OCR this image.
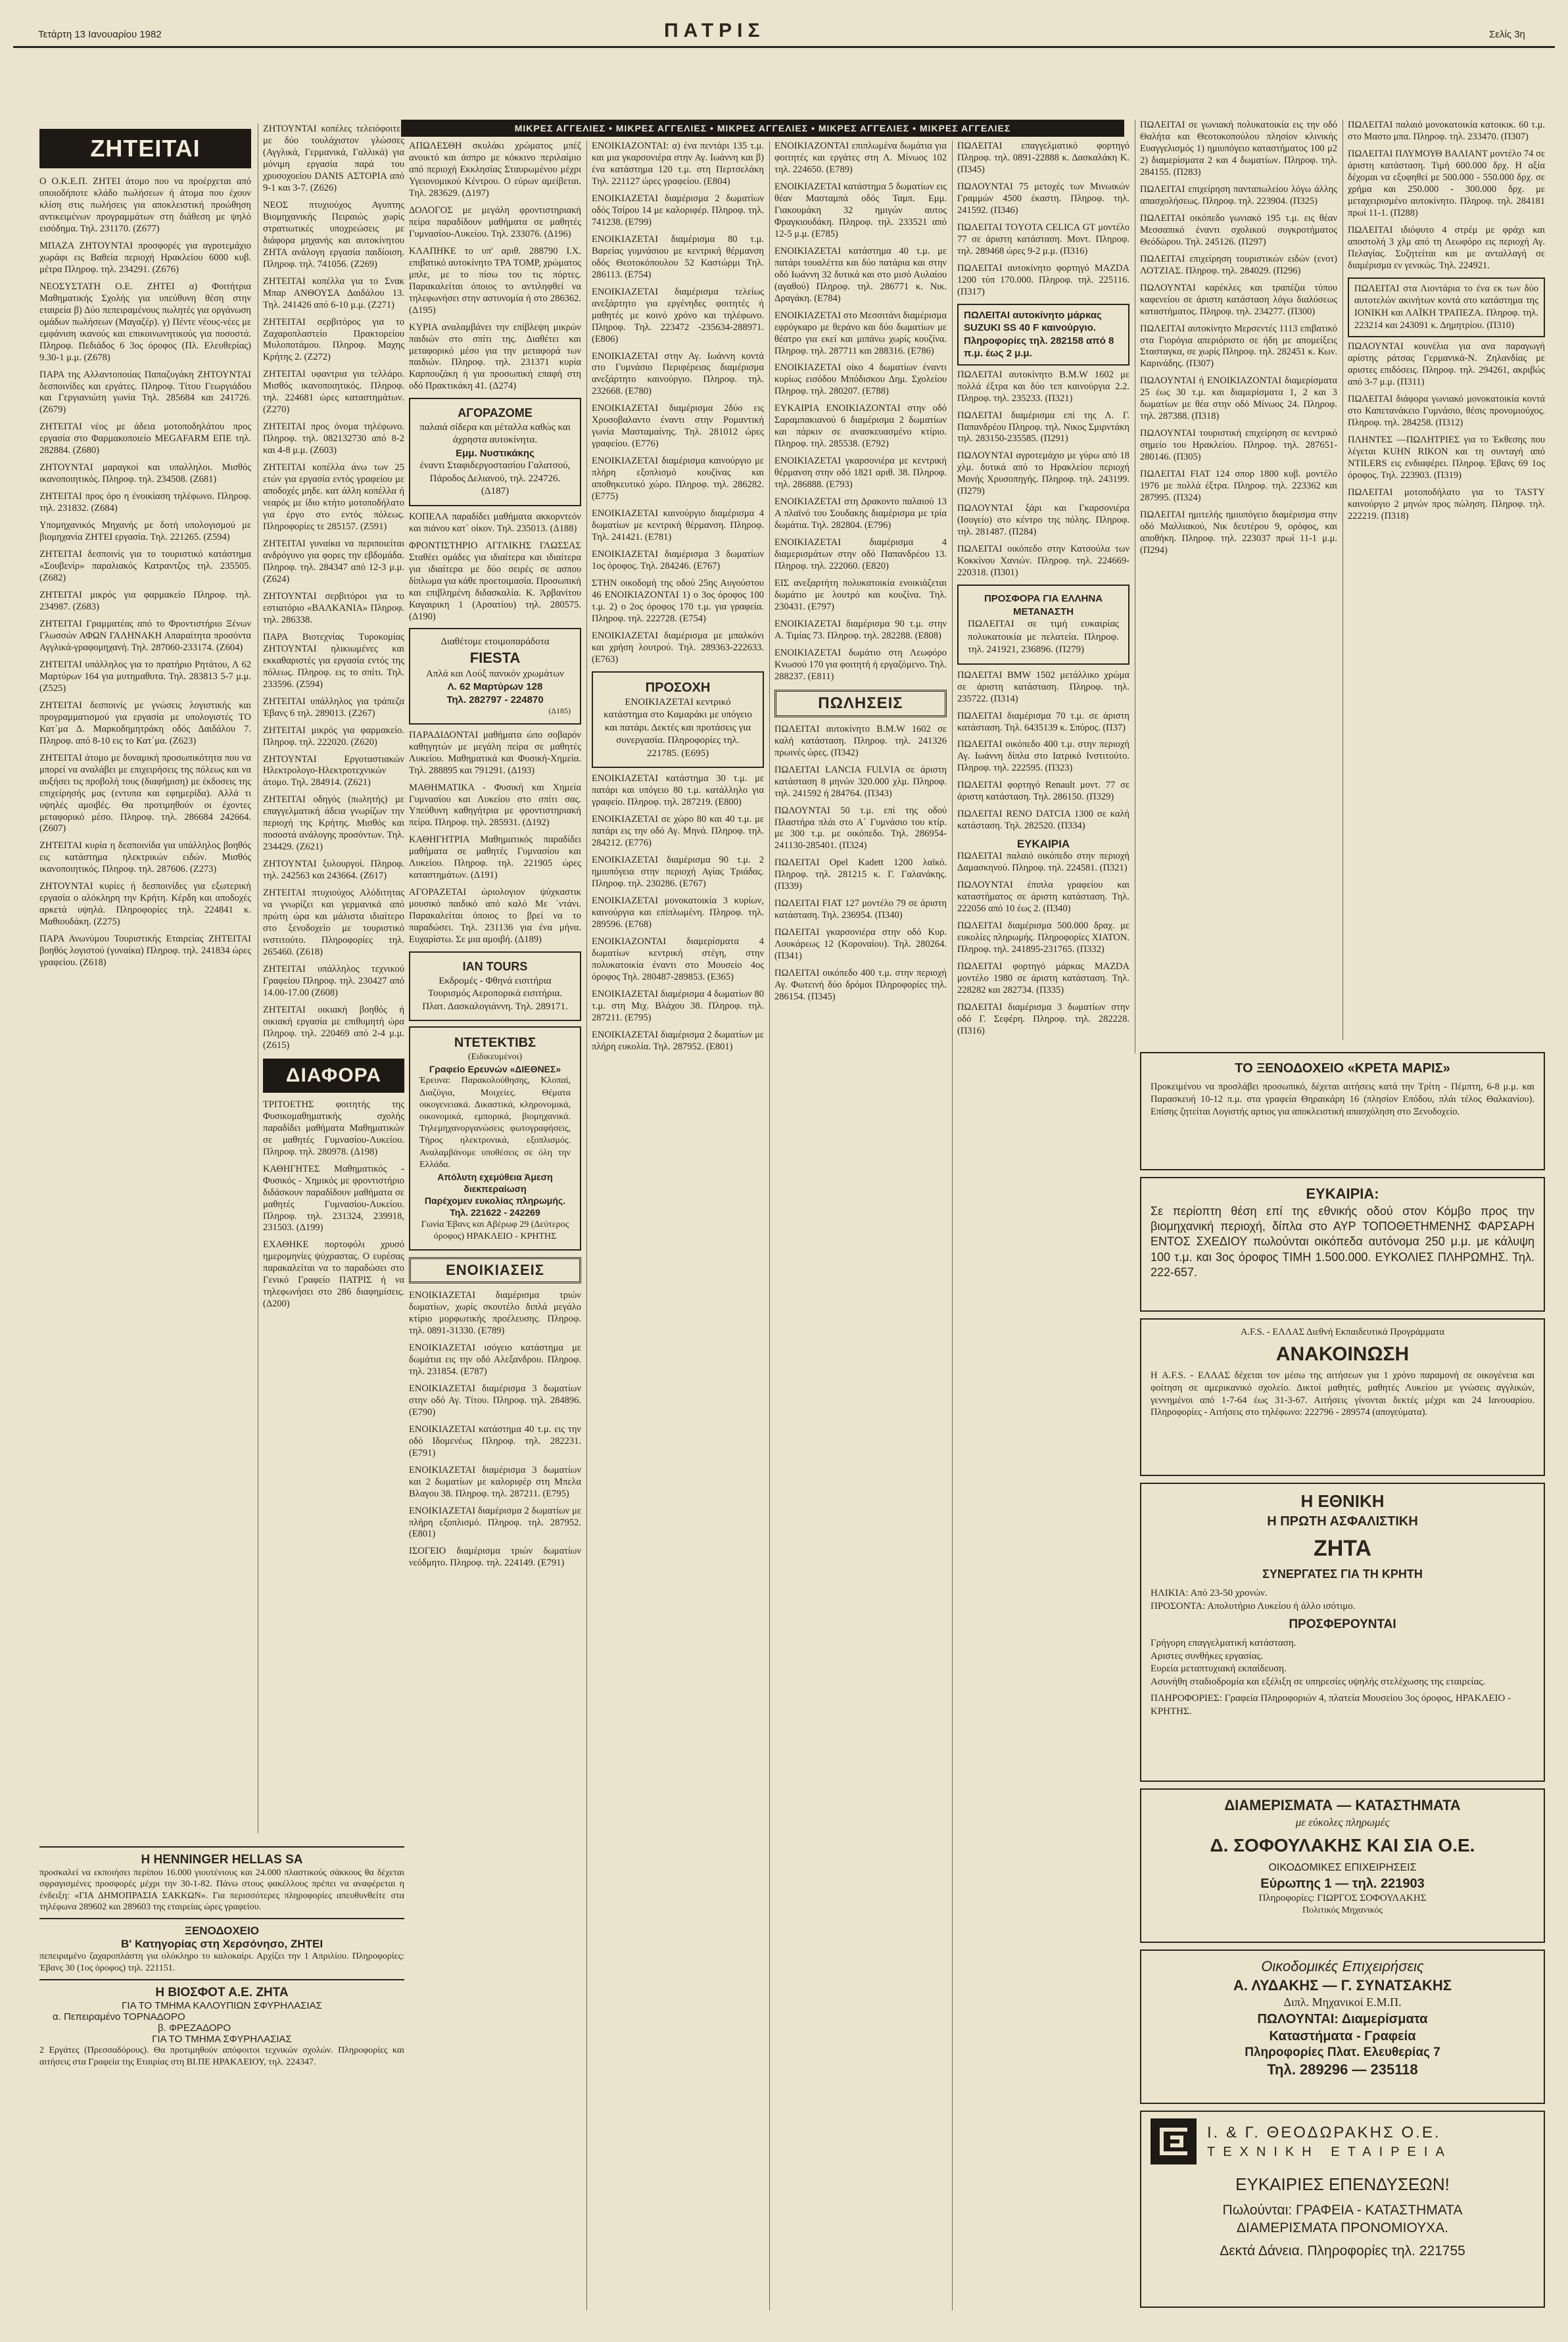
Τετάρτη 13 Ιανουαρίου 1982	ΠΑΤΡΙΣ	Σελίς 3η
ΜΙΚΡΕΣ ΑΓΓΕΛΙΕΣ • ΜΙΚΡΕΣ ΑΓΓΕΛΙΕΣ • ΜΙΚΡΕΣ ΑΓΓΕΛΙΕΣ • ΜΙΚΡΕΣ ΑΓΓΕΛΙΕΣ • ΜΙΚΡΕΣ ΑΓΓΕΛΙΕΣ
ΖΗΤΕΙΤΑΙ
Ο Ο.Κ.Ε.Π. ΖΗΤΕΙ άτομο που να προέρχεται από οποιοδήποτε κλάδο πωλήσεων ή άτομα που έχουν κλίση στις πωλήσεις για αποκλειστική προώθηση αντικειμένων προγραμμάτων στη διάθεση με ψηλό εισόδημα. Τηλ. 231170. (Ζ677)
ΜΠΑΖΑ ΖΗΤΟΥΝΤΑΙ προσφορές για αγροτεμάχιο χωράφι εις Βαθεία περιοχή Ηρακλείου 6000 κυβ. μέτρα Πληροφ. τηλ. 234291. (Ζ676)
ΝΕΟΣΥΣΤΑΤΗ Ο.Ε. ΖΗΤΕΙ α) Φοιτήτρια Μαθηματικής Σχολής για υπεύθυνη θέση στην εταιρεία β) Δύο πεπειραμένους πωλητές για οργάνωση ομάδων πωλήσεων (Μαγαζέρ). γ) Πέντε νέους-νέες με εμφάνιση ικανούς και επικοινωνητικούς για ποσοστά. Πληροφ. Πεδιάδος 6 3ος όροφος (Πλ. Ελευθερίας) 9.30-1 μ.μ. (Ζ678)
ΠΑΡΑ της Αλλαντοποιίας Παπαζυγάκη ΖΗΤΟΥΝΤΑΙ δεσποινίδες και εργάτες. Πληροφ. Τίτου Γεωργιάδου και Γεργιανιώτη γωνία Τηλ. 285684 και 241726. (Ζ679)
ΖΗΤΕΙΤΑΙ νέος με άδεια μοτοποδηλάτου προς εργασία στο Φαρμακοποιείο MEGAFARM ΕΠΕ τηλ. 282884. (Ζ680)
ΖΗΤΟΥΝΤΑΙ μαραγκοί και υπαλληλοι. Μισθός ικανοποιητικός. Πληροφ. τηλ. 234508. (Ζ681)
ΖΗΤΕΙΤΑΙ προς όρο η ένοικίαση τηλέφωνο. Πληροφ. τηλ. 231832. (Ζ684)
Υπομηχανικός Μηχανής με δοτή υπολογισμού με βιομηχανία ΖΗΤΕΙ εργασία. Τηλ. 221265. (Ζ594)
ΖΗΤΕΙΤΑΙ δεσποινίς για το τουριστικό κατάστημα «Σουβενίρ» παραλιακός Κατραντζος τηλ. 235505. (Ζ682)
ΖΗΤΕΙΤΑΙ μικρός για φαρμακείο Πληροφ. τηλ. 234987. (Ζ683)
ΖΗΤΕΙΤΑΙ Γραμματέας από το Φροντιστήριο Ξένων Γλωσσών ΑΦΩΝ ΓΑΛΗΝΑΚΗ Απαραίτητα προσόντα Αγγλικά-γραφομηχανή. Τηλ. 287060-233174. (Ζ604)
ΖΗΤΕΙΤΑΙ υπάλληλος για το πρατήριο Ρητάτου, Λ 62 Μαρτύρων 164 για μυτημαθυτα. Τηλ. 283813 5-7 μ.μ. (Ζ525)
ΖΗΤΕΙΤΑΙ δεσποινίς με γνώσεις λογιστικής και προγραμματισμού για εργασία με υπολογιστές ΤΟ Κατ΄μα Δ. Μαρκοδημητράκη οδός Δαιδάλου 7. Πληροφ. από 8-10 εις το Κατ΄μα. (Ζ623)
ΖΗΤΕΙΤΑΙ άτομο με δυναμική προσωπικότητα που να μπορεί να αναλάβει με επιχειρήσεις της πόλεως και να αυξήσει τις προβολή τους (διαφήμιση) με έκδοσεις της επιχείρησής μας (εντυπα και εφημερίδα). Αλλά τι υψηλές αμοιβές. Θα προτιμηθούν οι έχοντες μεταφορικό μέσο. Πληροφ. τηλ. 286684 242664. (Ζ607)
ΖΗΤΕΙΤΑΙ κυρία η δεσποινίδα για υπάλληλος βοηθός εις κατάστημα ηλεκτρικών ειδών. Μισθός ικανοποιητικός. Πληροφ. τηλ. 287606. (Ζ273)
ΖΗΤΟΥΝΤΑΙ κυρίες ή δεσποινίδες για εξωτερική εργασία ο αλόκληρη την Κρήτη. Κέρδη και αποδοχές αρκετά υψηλά. Πληροφορίες τηλ. 224841 κ. Μαθιουδάκη. (Ζ275)
ΠΑΡΑ Ανωνύμου Τουριστικής Εταιρείας ΖΗΤΕΙΤΑΙ βοηθός λογιστού (γυναίκα) Πληροφ. τηλ. 241834 ώρες γραφείου. (Ζ618)
ΖΗΤΟΥΝΤΑΙ κοπέλες τελειόφοιτες με δύο τουλάχιστον γλώσσες (Αγγλικά, Γερμανικά, Γαλλικά) για μόνιμη εργασία παρά του χρυσοχοείου DANIS ΑΣΤΟΡΙΑ από 9-1 και 3-7. (Ζ626)
ΝΕΟΣ πτυχιούχος Αγυπτης Βιομηχανικής Πειραιώς χωρίς στρατιωτικές υποχρεώσεις με διάφορα μηχανής και αυτοκίνητου ΖΗΤΑ ανάλογη εργασία παιδίοιση. Πληροφ. τηλ. 741056. (Ζ269)
ΖΗΤΕΙΤΑΙ κοπέλλα για το Σνακ Μπαρ ΑΝΘΟΥΣΑ Δαιδάλου 13. Τηλ. 241426 από 6-10 μ.μ. (Ζ271)
ΖΗΤΕΙΤΑΙ σερβιτόρος για το Ζαχαροπλαστείο Πρακτορείου Μυλοποτάμου. Πληροφ. Μαχης Κρήτης 2. (Ζ272)
ΖΗΤΕΙΤΑΙ υφαντρια για τελλάρο. Μισθός ικανοποιητικός. Πληροφ. τηλ. 224681 ώρες καταστημάτων. (Ζ270)
ΖΗΤΕΙΤΑΙ προς όνομα τηλέφωνο. Πληροφ. τηλ. 082132730 από 8-2 και 4-8 μ.μ. (Ζ603)
ΖΗΤΕΙΤΑΙ κοπέλλα άνω των 25 ετών για εργασία εντός γραφείου με αποδοχές μηδε. κατ άλλη κοπέλλα ή νεαρός με ίδιο κτήτο μοτοποδήλατο για έργο στο εντός πόλεως. Πληροφορίες τε 285157. (Ζ591)
ΖΗΤΕΙΤΑΙ γυναίκα να περιποιείται ανδρόγυνο για φορες την εβδομάδα. Πληροφ. τηλ. 284347 από 12-3 μ.μ. (Ζ624)
ΖΗΤΟΥΝΤΑΙ σερβιτόροι για το εστιατόριο «ΒΑΛΚΑΝΙΑ» Πληροφ. τηλ. 286338.
ΠΑΡΑ Βιοτεχνίας Τυροκομίας ΖΗΤΟΥΝΤΑΙ ηλικιωμένες και εκκαθαριστές για εργασία εντός της πόλεως. Πληροφ. εις το σπίτι. Τηλ. 233596. (Ζ594)
ΖΗΤΕΙΤΑΙ υπάλληλος για τράπεζα Έβανς 6 τηλ. 289013. (Ζ267)
ΖΗΤΕΙΤΑΙ μικρός για φαρμακείο. Πληροφ. τηλ. 222020. (Ζ620)
ΖΗΤΟΥΝΤΑΙ Εργοταστιακών Ηλεκτρολογο-Ηλεκτροτεχνικών άτομο. Τηλ. 284914. (Ζ621)
ΖΗΤΕΙΤΑΙ οδηγός (πωλητής) με επαγγελματική άδεια γνωρίζων την περιοχή της Κρήτης. Μισθός και ποσοστά ανάλογης προσόντων. Τηλ. 234429. (Ζ621)
ΖΗΤΟΥΝΤΑΙ ξυλουργοί. Πληροφ. τηλ. 242563 και 243664. (Ζ617)
ΖΗΤΕΙΤΑΙ πτυχιούχος Αλόδιτητας να γνωρίζει και γερμανικά από πρώτη ώρα και μάλιστα ιδιαίτερο στο ξενοδοχείο με τουριστικό ινστιτούτο. Πληροφορίες τηλ. 265460. (Ζ618)
ΖΗΤΕΙΤΑΙ υπάλληλος τεχνικού Γραφείου Πληροφ. τηλ. 230427 από 14.00-17.00 (Ζ608)
ΖΗΤΕΙΤΑΙ οικιακή βοηθός ή οικιακή εργασία με επιθυμητή ώρα Πληροφ. τηλ. 220469 από 2-4 μ.μ. (Ζ615)
ΔΙΑΦΟΡΑ
ΤΡΙΤΟΕΤΗΣ φοιτητής της Φυσικομαθηματικής σχολής παραδίδει μαθήματα Μαθηματικών σε μαθητές Γυμνασίου-Λυκείου. Πληροφ. τηλ. 280978. (Δ198)
ΚΑΘΗΓΗΤΕΣ Μαθηματικός - Φυσικός - Χημικός με φροντιστήριο διδάσκουν παραδίδουν μαθήματα σε μαθητές Γυμνασίου-Λυκείου. Πληροφ. τηλ. 231324, 239918, 231503. (Δ199)
ΕΧΑΘΗΚΕ πορτοφόλι χρυσό ημερομηνίες ψύχραστας. Ο ευρέσας παρακαλείται να το παραδώσει στο Γενικό Γραφείο ΠΑΤΡΙΣ ή να τηλεφωνήσει στο 286 διαφημίσεις. (Δ200)
Η HENNINGER HELLAS SA
προσκαλεί να εκποιήσει περίπου 16.000 γιουτένιους και 24.000 πλαστικούς σάκκους θα δέχεται σφραγισμένες προσφορές μέχρι την 30-1-82. Πάνω στους φακέλλους πρέπει να αναφέρεται η ένδειξη: «ΓΙΑ ΔΗΜΟΠΡΑΣΙΑ ΣΑΚΚΩΝ». Για περισσότερες πληροφορίες απευθυνθείτε στα τηλέφωνα 289602 και 289603 της εταιρείας ώρες γραφείου.
ΞΕΝΟΔΟΧΕΙΟ
Β' Κατηγορίας στη Χερσόνησο, ΖΗΤΕΙ
πεπειραμένο ζαχαροπλάστη για ολόκληρο το καλοκαίρι. Αρχίζει την 1 Απριλίου. Πληροφορίες: Έβανς 30 (1ος όροφος) τηλ. 221151.
Η ΒΙΟΣΦΟΤ Α.Ε. ΖΗΤΑ
ΓΙΑ ΤΟ ΤΜΗΜΑ ΚΑΛΟΥΠΙΩΝ ΣΦΥΡΗΛΑΣΙΑΣ
α. Πεπειραμένο ΤΟΡΝΑΔΟΡΟ
β. ΦΡΕΖΑΔΟΡΟ
ΓΙΑ ΤΟ ΤΜΗΜΑ ΣΦΥΡΗΛΑΣΙΑΣ
2 Εργάτες (Πρεσσαδόρους). Θα προτιμηθούν απόφοιτοι τεχνικών σχολών. Πληροφορίες και αιτήσεις στα Γραφεία της Εταιρίας στη ΒΙ.ΠΕ ΗΡΑΚΛΕΙΟΥ, τηλ. 224347.
ΑΠΩΛΕΣΘΗ σκυλάκι χρώματος μπέζ ανοικτό και άσπρο με κόκκινο περιλαίμιο από περιοχή Εκκλησίας Σταυρωμένου μέχρι Υγειονομικού Κέντρου. Ο εύρων αμείβεται. Τηλ. 283629. (Δ197)
ΔΟΛΟΓΟΣ με μεγάλη φροντιστηριακή πείρα παραδίδουν μαθήματα σε μαθητές Γυμνασίου-Λυκείου. Τηλ. 233076. (Δ196)
ΚΛΑΠΗΚΕ το υπ' αριθ. 288790 Ι.Χ. επιβατικό αυτοκίνητο ΤΡΑ ΤΟΜΡ, χρώματος μπλε, με το πίσω του τις πόρτες. Παρακαλείται όποιος το αντιληφθεί να τηλεφωνήσει στην αστυνομία ή στο 286362. (Δ195)
ΚΥΡΙΑ αναλαμβάνει την επίβλεψη μικρών παιδιών στο σπίτι της. Διαθέτει και μεταφορικό μέσο για την μεταφορά των παιδιών. Πληροφ. τηλ. 231371 κυρία Καρπουζάκη ή για προσωπική επαφή στη οδό Πρακτικάκη 41. (Δ274)
ΑΓΟΡΑΖΟΜΕ
παλαιά σίδερα και μέταλλα καθώς και άχρηστα αυτοκίνητα.
Εμμ. Νυστικάκης
έναντι Σταφιδεργοστασίου Γαλατσού, Πάροδος Δελιανού, τηλ. 224726. (Δ187)
ΚΟΠΕΛΑ παραδίδει μαθήματα ακκορντεόν και πιάνου κατ΄ οίκον. Τηλ. 235013. (Δ188)
ΦΡΟΝΤΙΣΤΗΡΙΟ ΑΓΓΛΙΚΗΣ ΓΛΩΣΣΑΣ Σταθέει ομάδες για ιδιαίτερα και ιδιαίτερα για ιδιαίτερα με δύο σειρές σε ασπου δίπλωμα για κάθε προετοιμασία. Προσωπική και επιβλημένη διδασκαλία. Κ. Άρβανίτου Καγαιρικη 1 (Αρσατίου) τηλ. 280575. (Δ190)
Διαθέτομε ετοιμοπαράδοτα
FIESTA
Απλά και Λούξ πανικόν χρωμάτων
Λ. 62 Μαρτύρων 128
Τηλ. 282797 - 224870
(Δ185)
ΠΑΡΑΔΙΔΟΝΤΑΙ μαθήματα ώπο σοβαρόν καθηγητών με μεγάλη πείρα σε μαθητές Λυκείου. Μαθηματικά και Φυσική-Χημεία. Τηλ. 288895 και 791291. (Δ193)
ΜΑΘΗΜΑΤΙΚΑ - Φυσική και Χημεία Γυμνασίου και Λυκείου στο σπίτι σας. Υπεύθυνη καθηγήτρια με φροντιστηριακή πείρα. Πληροφ. τηλ. 285931. (Δ192)
ΚΑΘΗΓΗΤΡΙΑ Μαθηματικός παραδίδει μαθήματα σε μαθητές Γυμνασίου και Λυκείου. Πληροφ. τηλ. 221905 ώρες καταστημάτων. (Δ191)
ΑΓΟΡΑΖΕΤΑΙ ώριολογιον ψύχκαστικ μουσικό παιδικό από καλό Με ΄ντάνι. Παρακαλείται όποιος το βρεί να το παραδώσει. Τηλ. 231136 για ένα μήνα. Ευχαρίστω. Σε μια αμοιβή. (Δ189)
ΙΑΝ TOURS
Εκδρομές - Φθηνά εισιτήρια Τουρισμός Αεροπορικά εισιτήρια. Πλατ. Δασκαλογιάννη. Τηλ. 289171.
ΝΤΕΤΕΚΤΙΒΣ
(Ειδικευμένοι)
Γραφείο Ερευνών «ΔΙΕΘΝΕΣ»
Έρευνα: Παρακολούθησης, Κλοπαί, Διαζύγια, Μοιχείες. Θέματα οικογενειακά. Δικαστικά, κληρονομικά, οικονομικά, εμπορικά, βιομηχανικά. Τηλεμηχανοργανώσεις φωτογραφήσεις, Τήρος ηλεκτρονικά, εξοπλισμός. Αναλαμβάνομε υποθέσεις σε όλη την Ελλάδα.
Απόλυτη εχεμύθεια Άμεση διεκπεραίωση
Παρέχομεν ευκολίας πληρωμής.
Τηλ. 221622 - 242269
Γωνία Έβανς και Αβέρωφ 29 (Δεύτερος όροφος) ΗΡΑΚΛΕΙΟ - ΚΡΗΤΗΣ
ΕΝΟΙΚΙΑΣΕΙΣ
ΕΝΟΙΚΙΑΖΕΤΑΙ διαμέρισμα τριών δωματίων, χωρίς σκουτέλο διπλά μεγάλο κτίριο μορφωτικής προέλευσης. Πληροφ. τηλ. 0891-31330. (Ε789)
ΕΝΟΙΚΙΑΖΕΤΑΙ ισόγειο κατάστημα με δωμάτια εις την οδό Αλεξανδρου. Πληροφ. τηλ. 231854. (Ε787)
ΕΝΟΙΚΙΑΖΕΤΑΙ διαμέρισμα 3 δωματίων στην οδό Αγ. Τίτου. Πληροφ. τηλ. 284896. (Ε790)
ΕΝΟΙΚΙΑΖΕΤΑΙ κατάστημα 40 τ.μ. εις την οδό Ιδομενέως Πληροφ. τηλ. 282231. (Ε791)
ΕΝΟΙΚΙΑΖΕΤΑΙ διαμέρισμα 3 δωματίων και 2 δωματίων με καλοριφέρ στη Μπελα Βλαγου 38. Πληροφ. τηλ. 287211. (Ε795)
ΕΝΟΙΚΙΑΖΕΤΑΙ διαμέρισμα 2 δωματίων με πλήρη εξοπλισμό. Πληροφ. τηλ. 287952. (Ε801)
ΙΣΟΓΕΙΟ διαμέρισμα τριών δωματίων νεόδμητο. Πληροφ. τηλ. 224149. (Ε791)
ΕΝΟΙΚΙΑΖΟΝΤΑΙ: α) ένα πεντάρι 135 τ.μ. και μια γκαρσονιέρα στην Αγ. Ιωάννη και β) ένα κατάστημα 120 τ.μ. στη Περτσελάκη Τηλ. 221127 ώρες γραφείου. (Ε804)
ΕΝΟΙΚΙΑΖΕΤΑΙ διαμέρισμα 2 δωματίων οδός Τσίρου 14 με καλοριφέρ. Πληροφ. τηλ. 741238. (Ε799)
ΕΝΟΙΚΙΑΖΕΤΑΙ διαμέρισμα 80 τ.μ. Βαρείας γυμνάσιου με κεντρική θέρμανση οδός Θεοτοκόπουλου 52 Καστώρμι Τηλ. 286113. (Ε754)
ΕΝΟΙΚΙΑΖΕΤΑΙ διαμέρισμα τελείως ανεξάρτητο για εργένηδες φοιτητές ή μαθητές με κοινό χρόνο και τηλέφωνο. Πληροφ. Τηλ. 223472 -235634-288971. (Ε806)
ΕΝΟΙΚΙΑΖΕΤΑΙ στην Αγ. Ιωάννη κοντά στο Γυμνάσιο Περιφέρειας διαμέρισμα ανεξάρτητο καινούργιο. Πληροφ. τηλ. 232668. (Ε780)
ΕΝΟΙΚΙΑΖΕΤΑΙ διαμέρισμα 2δύο εις Χρυσοβαλαντο έναντι στην Ρομαντική γωνία Μασταμαίνης. Τηλ. 281012 ώρες γραφείου. (Ε776)
ΕΝΟΙΚΙΑΖΕΤΑΙ διαμέρισμα καινούργιο με πλήρη εξοπλισμό κουζίνας και αποθηκευτικό χώρο. Πληροφ. τηλ. 286282. (Ε775)
ΕΝΟΙΚΙΑΖΕΤΑΙ καινούργιο διαμέρισμα 4 δωματίων με κεντρική θέρμανση. Πληροφ. Τηλ. 241421. (Ε781)
ΕΝΟΙΚΙΑΖΕΤΑΙ διαμέρισμα 3 δωματίων 1ος όροφος. Τηλ. 284246. (Ε767)
ΣΤΗΝ οικοδομή της οδού 25ης Αυγούστου 46 ΕΝΟΙΚΙΑΖΟΝΤΑΙ 1) ο 3ος όροφος 100 τ.μ. 2) ο 2ος όροφος 170 τ.μ. για γραφεία. Πληροφ. τηλ. 222728. (Ε754)
ΕΝΟΙΚΙΑΖΕΤΑΙ διαμέρισμα με μπαλκόνι και χρήση λουτρού. Τηλ. 289363-222633. (Ε763)
ΠΡΟΣΟΧΗ
ΕΝΟΙΚΙΑΖΕΤΑΙ κεντρικό κατάστημα στο Καμαράκι με υπόγειο και πατάρι. Δεκτές και προτάσεις για συνεργασία. Πληροφορίες τηλ. 221785. (Ε695)
ΕΝΟΙΚΙΑΖΕΤΑΙ κατάστημα 30 τ.μ. με πατάρι και υπόγειο 80 τ.μ. κατάλληλο για γραφείο. Πληροφ. τηλ. 287219. (Ε800)
ΕΝΟΙΚΙΑΖΕΤΑΙ σε χώρο 80 και 40 τ.μ. με πατάρι εις την οδό Αγ. Μηνά. Πληροφ. τηλ. 284212. (Ε776)
ΕΝΟΙΚΙΑΖΕΤΑΙ διαμέρισμα 90 τ.μ. 2 ημιυπόγεια στην περιοχή Αγίας Τριάδας. Πληροφ. τηλ. 230286. (Ε767)
ΕΝΟΙΚΙΑΖΕΤΑΙ μονοκατοικία 3 κυρίων, καινούργια και επίπλωμένη. Πληροφ. τηλ. 289596. (Ε768)
ΕΝΟΙΚΙΑΖΟΝΤΑΙ διαμερίσματα 4 δωματίων κεντρική στέγη, στην πολυκατοικία έναντι στο Μουσείο 4ος όροφος Τηλ. 280487-289853. (Ε365)
ΕΝΟΙΚΙΑΖΕΤΑΙ διαμέρισμα 4 δωματίων 80 τ.μ. στη Μιχ. Βλάχου 38. Πληροφ. τηλ. 287211. (Ε795)
ΕΝΟΙΚΙΑΖΕΤΑΙ διαμέρισμα 2 δωματίων με πλήρη ευκολία. Τηλ. 287952. (Ε801)
ΕΝΟΙΚΙΑΖΟΝΤΑΙ επιπλωμένα δωμάτια για φοιτητές και εργάτες στη Λ. Μίνωος 102 τηλ. 224650. (Ε789)
ΕΝΟΙΚΙΑΖΕΤΑΙ κατάστημα 5 δωματίων εις θέαν Μασταμπά οδός Ταμπ. Εμμ. Γιακουμάκη 32 ημιγών αυτος Φραγκιουδάκη. Πληροφ. τηλ. 233521 από 12-5 μ.μ. (Ε785)
ΕΝΟΙΚΙΑΖΕΤΑΙ κατάστημα 40 τ.μ. με πατάρι τουαλέττα και δύο πατάρια και στην οδό Ιωάννη 32 δυτικά και στο μισό Αυλαίου (αγαθού) Πληροφ. τηλ. 286771 κ. Νικ. Δραγάκη. (Ε784)
ΕΝΟΙΚΙΑΖΕΤΑΙ στο Μεσσιτάνι διαμέρισμα εφρύγκαρο με θεράνο και δύο δωματίων με θέατρο για εκεί και μιπάνω χωρίς κουζίνα. Πληροφ. τηλ. 287711 και 288316. (Ε786)
ΕΝΟΙΚΙΑΖΕΤΑΙ οίκο 4 δωματίων έναντι κυρίως εισόδου Μπόδισκου Δημ. Σχολείου Πληροφ. τηλ. 280207. (Ε788)
ΕΥΚΑΙΡΙΑ ΕΝΟΙΚΙΑΖΟΝΤΑΙ στην οδό Σαραμπακιανού 6 διαμέρισμα 2 δωματίων και πάρκιν σε ανασκευασμένο κτίριο. Πληροφ. τηλ. 285538. (Ε792)
ΕΝΟΙΚΙΑΖΕΤΑΙ γκαρσονιέρα με κεντρική θέρμανση στην οδό 1821 αριθ. 38. Πληροφ. τηλ. 286888. (Ε793)
ΕΝΟΙΚΙΑΖΕΤΑΙ στη Δρακοντο παλαιού 13 Α πλαϊνό του Σουδακης διαμέρισμα με τρία δωμάτια. Τηλ. 282804. (Ε796)
ΕΝΟΙΚΙΑΖΕΤΑΙ διαμέρισμα 4 διαμερισμάτων στην οδό Παπανδρέου 13. Πληροφ. τηλ. 222060. (Ε820)
ΕΙΣ ανεξαρτήτη πολυκατοικία ενοικιάζεται δωμάτιο με λουτρό και κουζίνα. Τηλ. 230431. (Ε797)
ΕΝΟΙΚΙΑΖΕΤΑΙ διαμέρισμα 90 τ.μ. στην Α. Τιμίας 73. Πληροφ. τηλ. 282288. (Ε808)
ΕΝΟΙΚΙΑΖΕΤΑΙ δωμάτιο στη Λεωφόρο Κνωσού 170 για φοιτητή ή εργαζόμενο. Τηλ. 288237. (Ε811)
ΠΩΛΗΣΕΙΣ
ΠΩΛΕΙΤΑΙ αυτοκίνητο B.M.W 1602 σε καλή κατάσταση. Πληροφ. τηλ. 241326 πρωινές ώρες. (Π342)
ΠΩΛΕΙΤΑΙ LANCIA FULVIA σε άριστη κατάσταση 8 μηνών 320.000 χλμ. Πληροφ. τηλ. 241592 ή 284764. (Π343)
ΠΩΛΟΥΝΤΑΙ 50 τ.μ. επί της οδού Πλαστήρα πλάι στο Α΄ Γυμνάσιο του κτίρ. με 300 τ.μ. με οικόπεδο. Τηλ. 286954-241130-285401. (Π324)
ΠΩΛΕΙΤΑΙ Opel Kadett 1200 λαϊκό. Πληροφ. τηλ. 281215 κ. Γ. Γαλανάκης. (Π339)
ΠΩΛΕΙΤΑΙ FIAT 127 μοντέλο 79 σε άριστη κατάσταση. Τηλ. 236954. (Π340)
ΠΩΛΕΙΤΑΙ γκαρσονιέρα στην οδό Κυρ. Λουκάρεως 12 (Κοροναίου). Τηλ. 280264. (Π341)
ΠΩΛΕΙΤΑΙ οικόπεδο 400 τ.μ. στην περιοχή Αγ. Φωτεινή δύο δρόμοι Πληροφορίες τηλ. 286154. (Π345)
ΠΩΛΕΙΤΑΙ επαγγελματικό φορτηγό Πληροφ. τηλ. 0891-22888 κ. Δασκαλάκη Κ. (Π345)
ΠΩΛΟΥΝΤΑΙ 75 μετοχές των Μινωικών Γραμμών 4500 έκαστη. Πληροφ. τηλ. 241592. (Π346)
ΠΩΛΕΙΤΑΙ TOYOTA CELICA GT μοντέλο 77 σε άριστη κατάσταση. Μοντ. Πληροφ. τηλ. 289468 ώρες 9-2 μ.μ. (Π316)
ΠΩΛΕΙΤΑΙ αυτοκίνητο φορτηγό MAZDA 1200 τύπ 170.000. Πληροφ. τηλ. 225116. (Π317)
ΠΩΛΕΙΤΑΙ αυτοκίνητο μάρκας SUZUKI SS 40 F καινούργιο. Πληροφορίες τηλ. 282158 από 8 π.μ. έως 2 μ.μ.
ΠΩΛΕΙΤΑΙ αυτοκίνητο B.M.W 1602 με πολλά έξτρα και δύο τεπ καινούργια 2.2. Πληροφ. τηλ. 235233. (Π321)
ΠΩΛΕΙΤΑΙ διαμέρισμα επί της Λ. Γ. Παπανδρέου Πληροφ. τηλ. Νικος Σμιρντάκη τηλ. 283150-235585. (Π291)
ΠΩΛΟΥΝΤΑΙ αγροτεμάχιο με γύρω από 18 χλμ. δυτικά από το Ηρακλείου περιοχή Μονής Χρυσοπηγής. Πληροφ. τηλ. 243199. (Π279)
ΠΩΛΟΥΝΤΑΙ ξάρι και Γκαρσονιέρα (Ισογείο) στο κέντρο της πόλης. Πληροφ. τηλ. 281487. (Π284)
ΠΩΛΕΙΤΑΙ οικόπεδο στην Κατσούλα των Κοκκίνου Χανιών. Πληροφ. τηλ. 224669-220318. (Π301)
ΠΡΟΣΦΟΡΑ ΓΙΑ ΕΛΛΗΝΑ ΜΕΤΑΝΑΣΤΗ
ΠΩΛΕΙΤΑΙ σε τιμή ευκαιρίας πολυκατοικία με πελατεία. Πληροφ. τηλ. 241921, 236896. (Π279)
ΠΩΛΕΙΤΑΙ BMW 1502 μετάλλικο χρώμα σε άριστη κατάσταση. Πληροφ. τηλ. 235722. (Π314)
ΠΩΛΕΙΤΑΙ διαμέρισμα 70 τ.μ. σε άριστη κατάσταση. Τηλ. 6435139 κ. Σπύρος. (Π37)
ΠΩΛΕΙΤΑΙ οικόπεδο 400 τ.μ. στην περιοχή Αγ. Ιωάννη δίπλα στο Ιατρικό Ινστιτούτο. Πληροφ. τηλ. 222595. (Π323)
ΠΩΛΕΙΤΑΙ φορτηγό Renault μοντ. 77 σε άριστη κατάσταση. Τηλ. 286150. (Π329)
ΠΩΛΕΙΤΑΙ RENO DATCIA 1300 σε καλή κατάσταση. Τηλ. 282520. (Π334)
ΕΥΚΑΙΡΙΑ
ΠΩΛΕΙΤΑΙ παλαιό οικόπεδο στην περιοχή Δαμασκηνού. Πληροφ. τηλ. 224581. (Π321)
ΠΩΛΟΥΝΤΑΙ έπιπλα γραφείου και καταστήματος σε άριστη κατάσταση. Τηλ. 222056 από 10 έως 2. (Π340)
ΠΩΛΕΙΤΑΙ διαμέρισμα 500.000 δραχ. με ευκολίες πληρωμής. Πληροφορίες XIATON. Πληροφ. τηλ. 241895-231765. (Π332)
ΠΩΛΕΙΤΑΙ φορτηγό μάρκας MAZDA μοντέλο 1980 σε άριστη κατάσταση. Τηλ. 228282 και 282734. (Π335)
ΠΩΛΕΙΤΑΙ διαμέρισμα 3 δωματίων στην οδό Γ. Σεφέρη. Πληροφ. τηλ. 282228. (Π316)
ΠΩΛΕΙΤΑΙ σε γωνιακή πολυκατοικία εις την οδό Θαλήτα και Θεοτοκοπούλου πλησίον κλινικής Ευαγγελισμός 1) ημιυπόγειο καταστήματος 100 μ2 2) διαμερίσματα 2 και 4 δωματίων. Πληροφ. τηλ. 284155. (Π283)
ΠΩΛΕΙΤΑΙ επιχείρηση πανταπωλείου λόγω άλλης απασχολήσεως. Πληροφ. τηλ. 223904. (Π325)
ΠΩΛΕΙΤΑΙ οικόπεδο γωνιακό 195 τ.μ. εις θέαν Μεσσαπικό έναντι σχολικού συγκροτήματος Θεόδώρου. Τηλ. 245126. (Π297)
ΠΩΛΕΙΤΑΙ επιχείρηση τουριστικών ειδών (ενοτ) ΛΟΤΖΙΑΣ. Πληροφ. τηλ. 284029. (Π296)
ΠΩΛΟΥΝΤΑΙ καρέκλες και τραπέζια τύπου καφενείου σε άριστη κατάσταση λόγω διαλύσεως καταστήματος. Πληροφ. τηλ. 234277. (Π300)
ΠΩΛΕΙΤΑΙ αυτοκίνητο Μερσεντές 1113 επιβατικό στα Γιορόγια απεριόριστο σε ήδη με απομείξεις Στασταγκα, σε χωρίς Πληροφ. τηλ. 282451 κ. Κων. Καρινάδης. (Π307)
ΠΩΛΟΥΝΤΑΙ ή ΕΝΟΙΚΙΑΖΟΝΤΑΙ διαμερίσματα 25 έως 30 τ.μ. και διαμερίσματα 1, 2 και 3 δωματίων με θέα στην οδό Μίνωος 24. Πληροφ. τηλ. 287388. (Π318)
ΠΩΛΟΥΝΤΑΙ τουριστική επιχείρηση σε κεντρικό σημείο του Ηρακλείου. Πληροφ. τηλ. 287651-280146. (Π305)
ΠΩΛΕΙΤΑΙ FIAT 124 σπορ 1800 κυβ. μοντέλο 1976 με πολλά έξτρα. Πληροφ. τηλ. 223362 και 287995. (Π324)
ΠΩΛΕΙΤΑΙ ημιτελής ημιυπόγειο διαμέρισμα στην οδό Μαλλιακού, Νικ δευτέρου 9, ορόφος, και αποθήκη. Πληροφ. τηλ. 223037 πρωί 11-1 μ.μ. (Π294)
ΠΩΛΕΙΤΑΙ παλαιό μονοκατοικία κατοικικ. 60 τ.μ. στο Μαστο μπα. Πληροφ. τηλ. 233470. (Π307)
ΠΩΛΕΙΤΑΙ ΠΛΥΜΟΥΘ ΒΑΛΙΑΝΤ μοντέλο 74 σε άριστη κατάσταση. Τιμή 600.000 δρχ. Η αξία δέχομαι να εξυφηθεί με 500.000 - 550.000 δρχ. σε χρήμα και 250.000 - 300.000 δρχ. με μεταχειρισμένο αυτοκίνητο. Πληροφ. τηλ. 284181 πρωί 11-1. (Π288)
ΠΩΛΕΙΤΑΙ ιδιόφυτο 4 στρέμ με φράχι και αποστολή 3 χλμ από τη Λεωφόρο εις περιοχή Αγ. Πελαγίας. Συζητείται και με ανταλλαγή σε διαμέρισμα εν γενικώς. Τηλ. 224921.
ΠΩΛΕΙΤΑΙ στα Λιοντάρια το ένα εκ των δύο αυτοτελών ακινήτων κοντά στο κατάστημα της ΙΟΝΙΚΗ και ΛΑΪΚΗ ΤΡΑΠΕΖΑ. Πληροφ. τηλ. 223214 και 243091 κ. Δημητρίου. (Π310)
ΠΩΛΟΥΝΤΑΙ κουνέλια για ανα παραγωγή αρίστης ράτσας Γερμανικά-Ν. Ζηλανδίας με αριστες επιδόσεις. Πληροφ. τηλ. 294261, ακριβώς από 3-7 μ.μ. (Π311)
ΠΩΛΕΙΤΑΙ διάφορα γωνιακό μονοκατοικία κοντά στο Καπετανάκειο Γυμνάσιο, θέσις προνομιούχος. Πληροφ. τηλ. 284258. (Π312)
ΠΛΗΝΤΕΣ —ΠΩΛΗΤΡΙΕΣ για το Έκθεσης που λέγεται KUHN RIKON και τη συνταγή από NTILERS εις ενδιαφέρει. Πληροφ. Έβανς 69 1ος όροφος. Τηλ. 223903. (Π319)
ΠΩΛΕΙΤΑΙ μοτοποδήλατο για το TASTY καινούργιο 2 μηνών προς πώληση. Πληροφ. τηλ. 222219. (Π318)
ΤΟ ΞΕΝΟΔΟΧΕΙΟ «ΚΡΕΤΑ ΜΑΡΙΣ»
Προκειμένου να προσλάβει προσωπικό, δέχεται αιτήσεις κατά την Τρίτη - Πέμπτη, 6-8 μ.μ. και Παρασκευή 10-12 π.μ. στα γραφεία Θηραικάρη 16 (πλησίον Επόδου, πλάι τέλος Θαλκανίου). Επίσης ζητείται Λογιστής αρτιος για αποκλειστική απασχόληση στο Ξενοδοχείο.
ΕΥΚΑΙΡΙΑ:
Σε περίοπτη θέση επί της εθνικής οδού στον Κόμβο προς την βιομηχανική περιοχή, δίπλα στο ΑΥΡ ΤΟΠΟΘΕΤΗΜΕΝΗΣ ΦΑΡΣΑΡΗ ΕΝΤΟΣ ΣΧΕΔΙΟΥ πωλούνται οικόπεδα αυτόνομα 250 μ.μ. με κάλυψη 100 τ.μ. και 3ος όροφος ΤΙΜΗ 1.500.000. ΕΥΚΟΛΙΕΣ ΠΛΗΡΩΜΗΣ. Τηλ. 222-657.
A.F.S. - ΕΛΛΑΣ Διεθνή Εκπαιδευτικά Προγράμματα
ΑΝΑΚΟΙΝΩΣΗ
Η A.F.S. - ΕΛΛΑΣ δέχεται τον μέσω της αιτήσεων για 1 χρόνο παραμονή σε οικογένεια και φοίτηση σε αμερικανικό σχολείο. Δικτοί μαθητές, μαθητές Λυκείου με γνώσεις αγγλικών, γεννημένοι από 1-7-64 έως 31-3-67. Αιτήσεις γίνονται δεκτές μέχρι και 24 Ιανουαρίου. Πληροφορίες - Αιτήσεις στο τηλέφωνο: 222796 - 289574 (απογεύματα).
Η ΕΘΝΙΚΗ
Η ΠΡΩΤΗ ΑΣΦΑΛΙΣΤΙΚΗ
ΖΗΤΑ
ΣΥΝΕΡΓΑΤΕΣ ΓΙΑ ΤΗ ΚΡΗΤΗ
ΗΛΙΚΙΑ: Από 23-50 χρονών.
ΠΡΟΣΟΝΤΑ: Απολυτήριο Λυκείου ή άλλο ισότιμο.
ΠΡΟΣΦΕΡΟΥΝΤΑΙ
Γρήγορη επαγγελματική κατάσταση.
Αριστες συνθήκες εργασίας.
Ευρεία μεταπτυχιακή εκπαίδευση.
Ασυνήθη σταδιοδρομία και εξέλιξη σε υπηρεσίες υψηλής στελέχωσης της εταιρείας.
ΠΛΗΡΟΦΟΡΙΕΣ: Γραφεία Πληροφοριών 4, πλατεία Μουσείου 3ος όροφος, ΗΡΑΚΛΕΙΟ - ΚΡΗΤΗΣ.
ΔΙΑΜΕΡΙΣΜΑΤΑ — ΚΑΤΑΣΤΗΜΑΤΑ
με εύκολες πληρωμές
Δ. ΣΟΦΟΥΛΑΚΗΣ ΚΑΙ ΣΙΑ Ο.Ε.
ΟΙΚΟΔΟΜΙΚΕΣ ΕΠΙΧΕΙΡΗΣΕΙΣ
Εύρωπης 1 — τηλ. 221903
Πληροφορίες: ΓΙΩΡΓΟΣ ΣΟΦΟΥΛΑΚΗΣ
Πολιτικός Μηχανικός
Οικοδομικές Επιχειρήσεις
Α. ΛΥΔΑΚΗΣ — Γ. ΣΥΝΑΤΣΑΚΗΣ
Διπλ. Μηχανικοί Ε.Μ.Π.
ΠΩΛΟΥΝΤΑΙ: Διαμερίσματα
Καταστήματα - Γραφεία
Πληροφορίες Πλατ. Ελευθερίας 7
Τηλ. 289296 — 235118
Ι. & Γ. ΘΕΟΔΩΡΑΚΗΣ Ο.Ε.
ΤΕΧΝΙΚΗ ΕΤΑΙΡΕΙΑ
ΕΥΚΑΙΡΙΕΣ ΕΠΕΝΔΥΣΕΩΝ!
Πωλούνται: ΓΡΑΦΕΙΑ - ΚΑΤΑΣΤΗΜΑΤΑ
ΔΙΑΜΕΡΙΣΜΑΤΑ ΠΡΟΝΟΜΙΟΥΧΑ.
Δεκτά Δάνεια. Πληροφορίες τηλ. 221755
